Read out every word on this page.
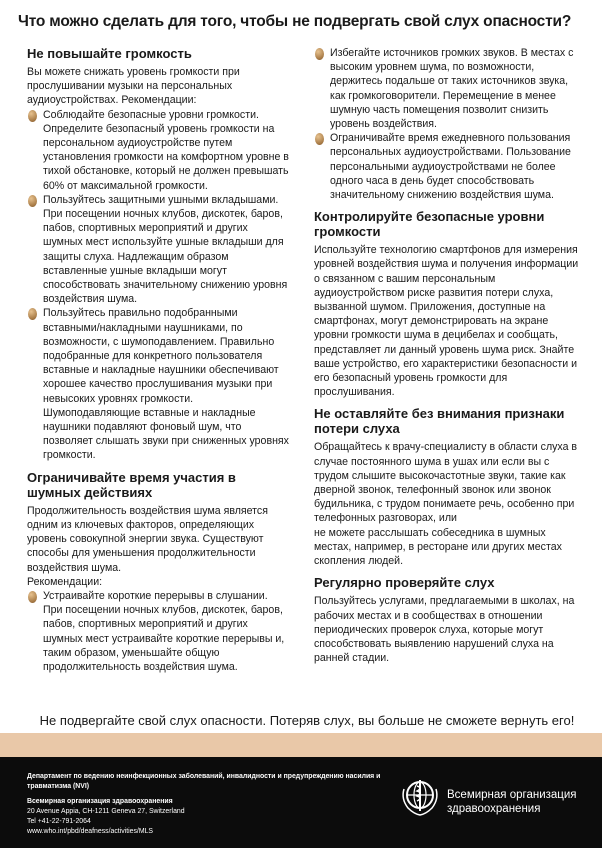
Что можно сделать для того, чтобы не подвергать свой слух опасности?
Не повышайте громкость

Вы можете снижать уровень громкости при прослушивании музыки на персональных аудиоустройствах. Рекомендации:

Соблюдайте безопасные уровни громкости. Определите безопасный уровень громкости на персональном аудиоустройстве путем установления громкости на комфортном уровне в тихой обстановке, который не должен превышать 60% от максимальной громкости.

Пользуйтесь защитными ушными вкладышами. При посещении ночных клубов, дискотек, баров, пабов, спортивных мероприятий и других шумных мест используйте ушные вкладыши для защиты слуха. Надлежащим образом вставленные ушные вкладыши могут способствовать значительному снижению уровня воздействия шума.

Пользуйтесь правильно подобранными вставными/накладными наушниками, по возможности, с шумоподавлением. Правильно подобранные для конкретного пользователя вставные и накладные наушники обеспечивают хорошее качество прослушивания музыки при невысоких уровнях громкости. Шумоподавляющие вставные и накладные наушники подавляют фоновый шум, что позволяет слышать звуки при сниженных уровнях громкости.

Ограничивайте время участия в шумных действиях

Продолжительность воздействия шума является одним из ключевых факторов, определяющих уровень совокупной энергии звука. Существуют способы для уменьшения продолжительности воздействия шума.

Рекомендации:

Устраивайте короткие перерывы в слушании. При посещении ночных клубов, дискотек, баров, пабов, спортивных мероприятий и других шумных мест устраивайте короткие перерывы и, таким образом, уменьшайте общую продолжительность воздействия шума.

Избегайте источников громких звуков. В местах с высоким уровнем шума, по возможности, держитесь подальше от таких источников звука, как громкоговорители. Перемещение в менее шумную часть помещения позволит снизить уровень воздействия.

Ограничивайте время ежедневного пользования персональных аудиоустройствами. Пользование персональными аудиоустройствами не более одного часа в день будет способствовать значительному снижению воздействия шума.

Контролируйте безопасные уровни громкости

Используйте технологию смартфонов для измерения уровней воздействия шума и получения информации о связанном с вашим персональным аудиоустройством риске развития потери слуха, вызванной шумом. Приложения, доступные на смартфонах, могут демонстрировать на экране уровни громкости шума в децибелах и сообщать, представляет ли данный уровень шума риск. Знайте ваше устройство, его характеристики безопасности и его безопасный уровень громкости для прослушивания.

Не оставляйте без внимания признаки потери слуха

Обращайтесь к врачу-специалисту в области слуха в случае постоянного шума в ушах или если вы с трудом слышите высокочастотные звуки, такие как дверной звонок, телефонный звонок или звонок будильника, с трудом понимаете речь, особенно при телефонных разговорах, или

не можете расслышать собеседника в шумных местах, например, в ресторане или других местах скопления людей.

Регулярно проверяйте слух

Пользуйтесь услугами, предлагаемыми в школах, на рабочих местах и в сообществах в отношении периодических проверок слуха, которые могут способствовать выявлению нарушений слуха на ранней стадии.

Не подвергайте свой слух опасности. Потеряв слух, вы больше не сможете вернуть его!
Департамент по ведению неинфекционных заболеваний, инвалидности и предупреждению насилия и травматизма (NVI)
Всемирная организация здравоохранения
20 Avenue Appia, CH-1211 Geneva 27, Switzerland
Tel +41-22-791-2064
www.who.int/pbd/deafness/activities/MLS
Всемирная организация
здравоохранения
